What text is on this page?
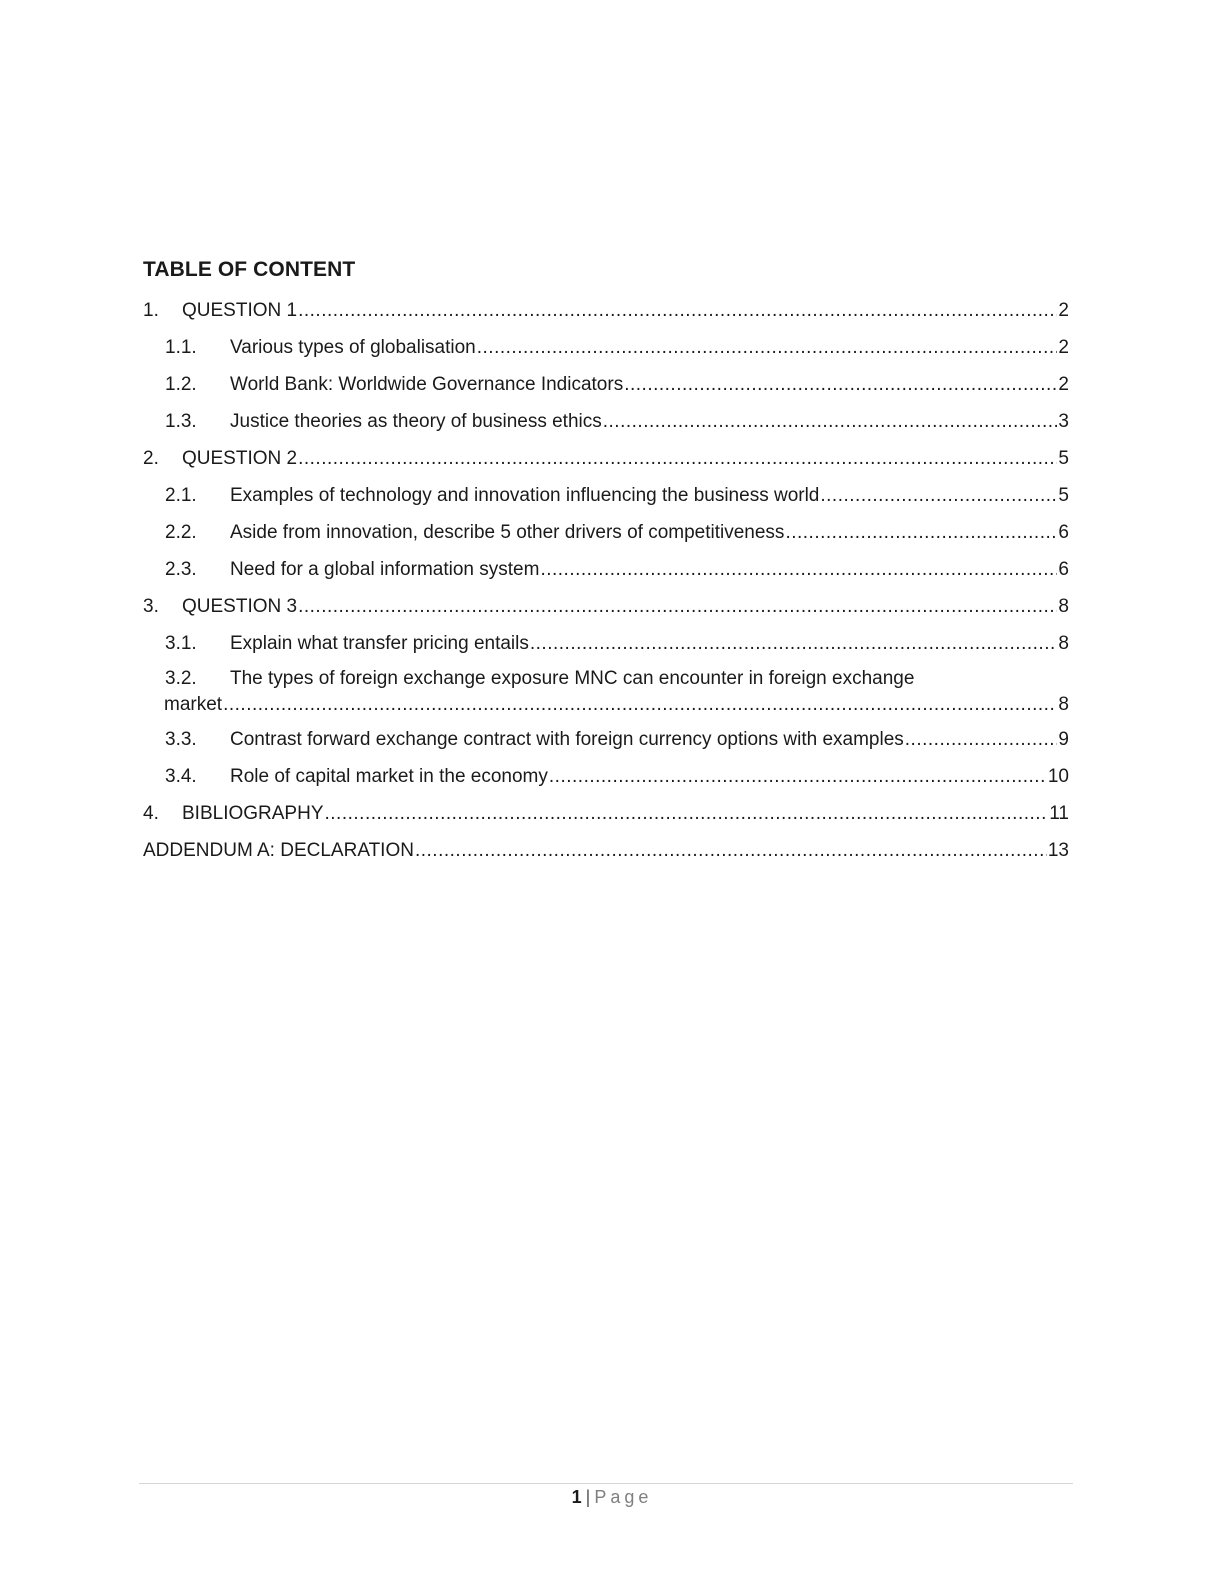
TABLE OF CONTENT
1.	QUESTION 1 .....	2
1.1.	Various types of globalisation .....	2
1.2.	World Bank: Worldwide Governance Indicators .....	2
1.3.	Justice theories as theory of business ethics .....	3
2.	QUESTION 2 .....	5
2.1.	Examples of technology and innovation influencing the business world .....	5
2.2.	Aside from innovation, describe 5 other drivers of competitiveness .....	6
2.3.	Need for a global information system .....	6
3.	QUESTION 3 .....	8
3.1.	Explain what transfer pricing entails .....	8
3.2. The types of foreign exchange exposure MNC can encounter in foreign exchange
market .....	8
3.3.	Contrast forward exchange contract with foreign currency options with examples .....	9
3.4.	Role of capital market in the economy .....	10
4.	BIBLIOGRAPHY .....	11
ADDENDUM A: DECLARATION .....	13
1 | Page
